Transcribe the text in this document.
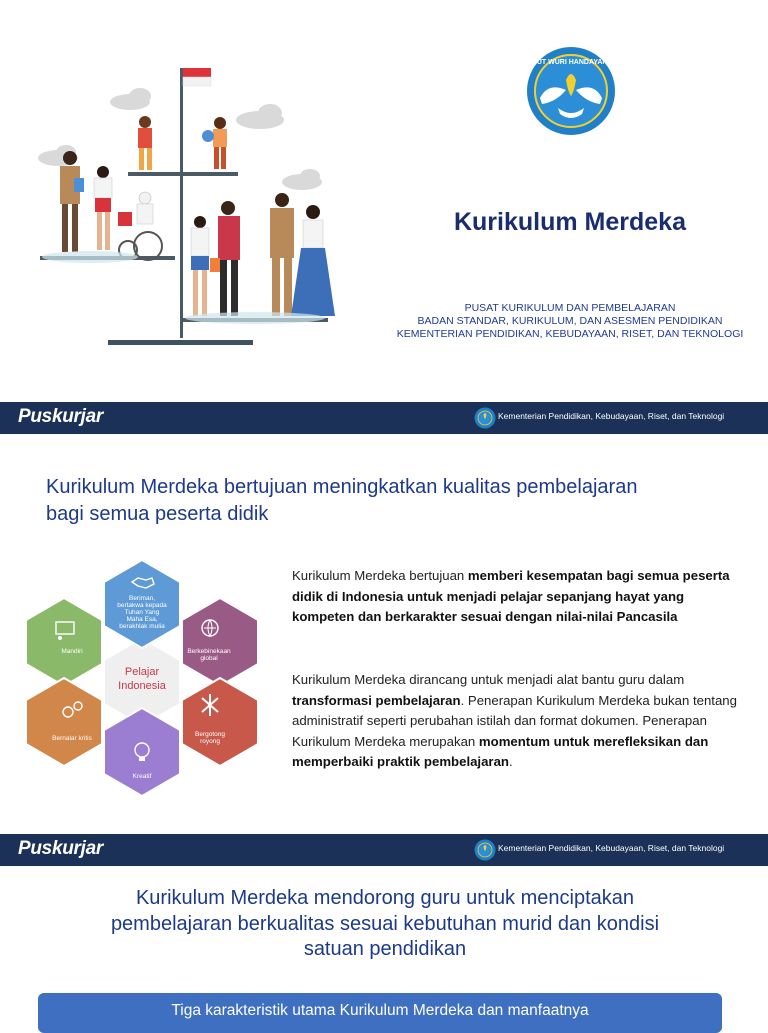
TUT WURI HANDAYANI
Kurikulum Merdeka
PUSAT KURIKULUM DAN PEMBELAJARAN
BADAN STANDAR, KURIKULUM, DAN ASESMEN PENDIDIKAN
KEMENTERIAN PENDIDIKAN, KEBUDAYAAN, RISET, DAN TEKNOLOGI
Puskurjar	Kementerian Pendidikan, Kebudayaan, Riset, dan Teknologi
Kurikulum Merdeka bertujuan meningkatkan kualitas pembelajaran
bagi semua peserta didik
Pelajar
Indonesia
Beriman,
bertakwa kepada
Tuhan Yang
Maha Esa,
berakhlak mulia
Mandiri	Berkebinekaan
global
Bernalar kritis
Bergotong
royong
Kreatif
Kurikulum Merdeka bertujuan memberi kesempatan bagi semua peserta didik di Indonesia untuk menjadi pelajar sepanjang hayat yang kompeten dan berkarakter sesuai dengan nilai-nilai Pancasila
Kurikulum Merdeka dirancang untuk menjadi alat bantu guru dalam transformasi pembelajaran. Penerapan Kurikulum Merdeka bukan tentang administratif seperti perubahan istilah dan format dokumen. Penerapan Kurikulum Merdeka merupakan momentum untuk merefleksikan dan memperbaiki praktik pembelajaran.
Puskurjar	Kementerian Pendidikan, Kebudayaan, Riset, dan Teknologi
Kurikulum Merdeka mendorong guru untuk menciptakan
pembelajaran berkualitas sesuai kebutuhan murid dan kondisi
satuan pendidikan
Tiga karakteristik utama Kurikulum Merdeka dan manfaatnya
